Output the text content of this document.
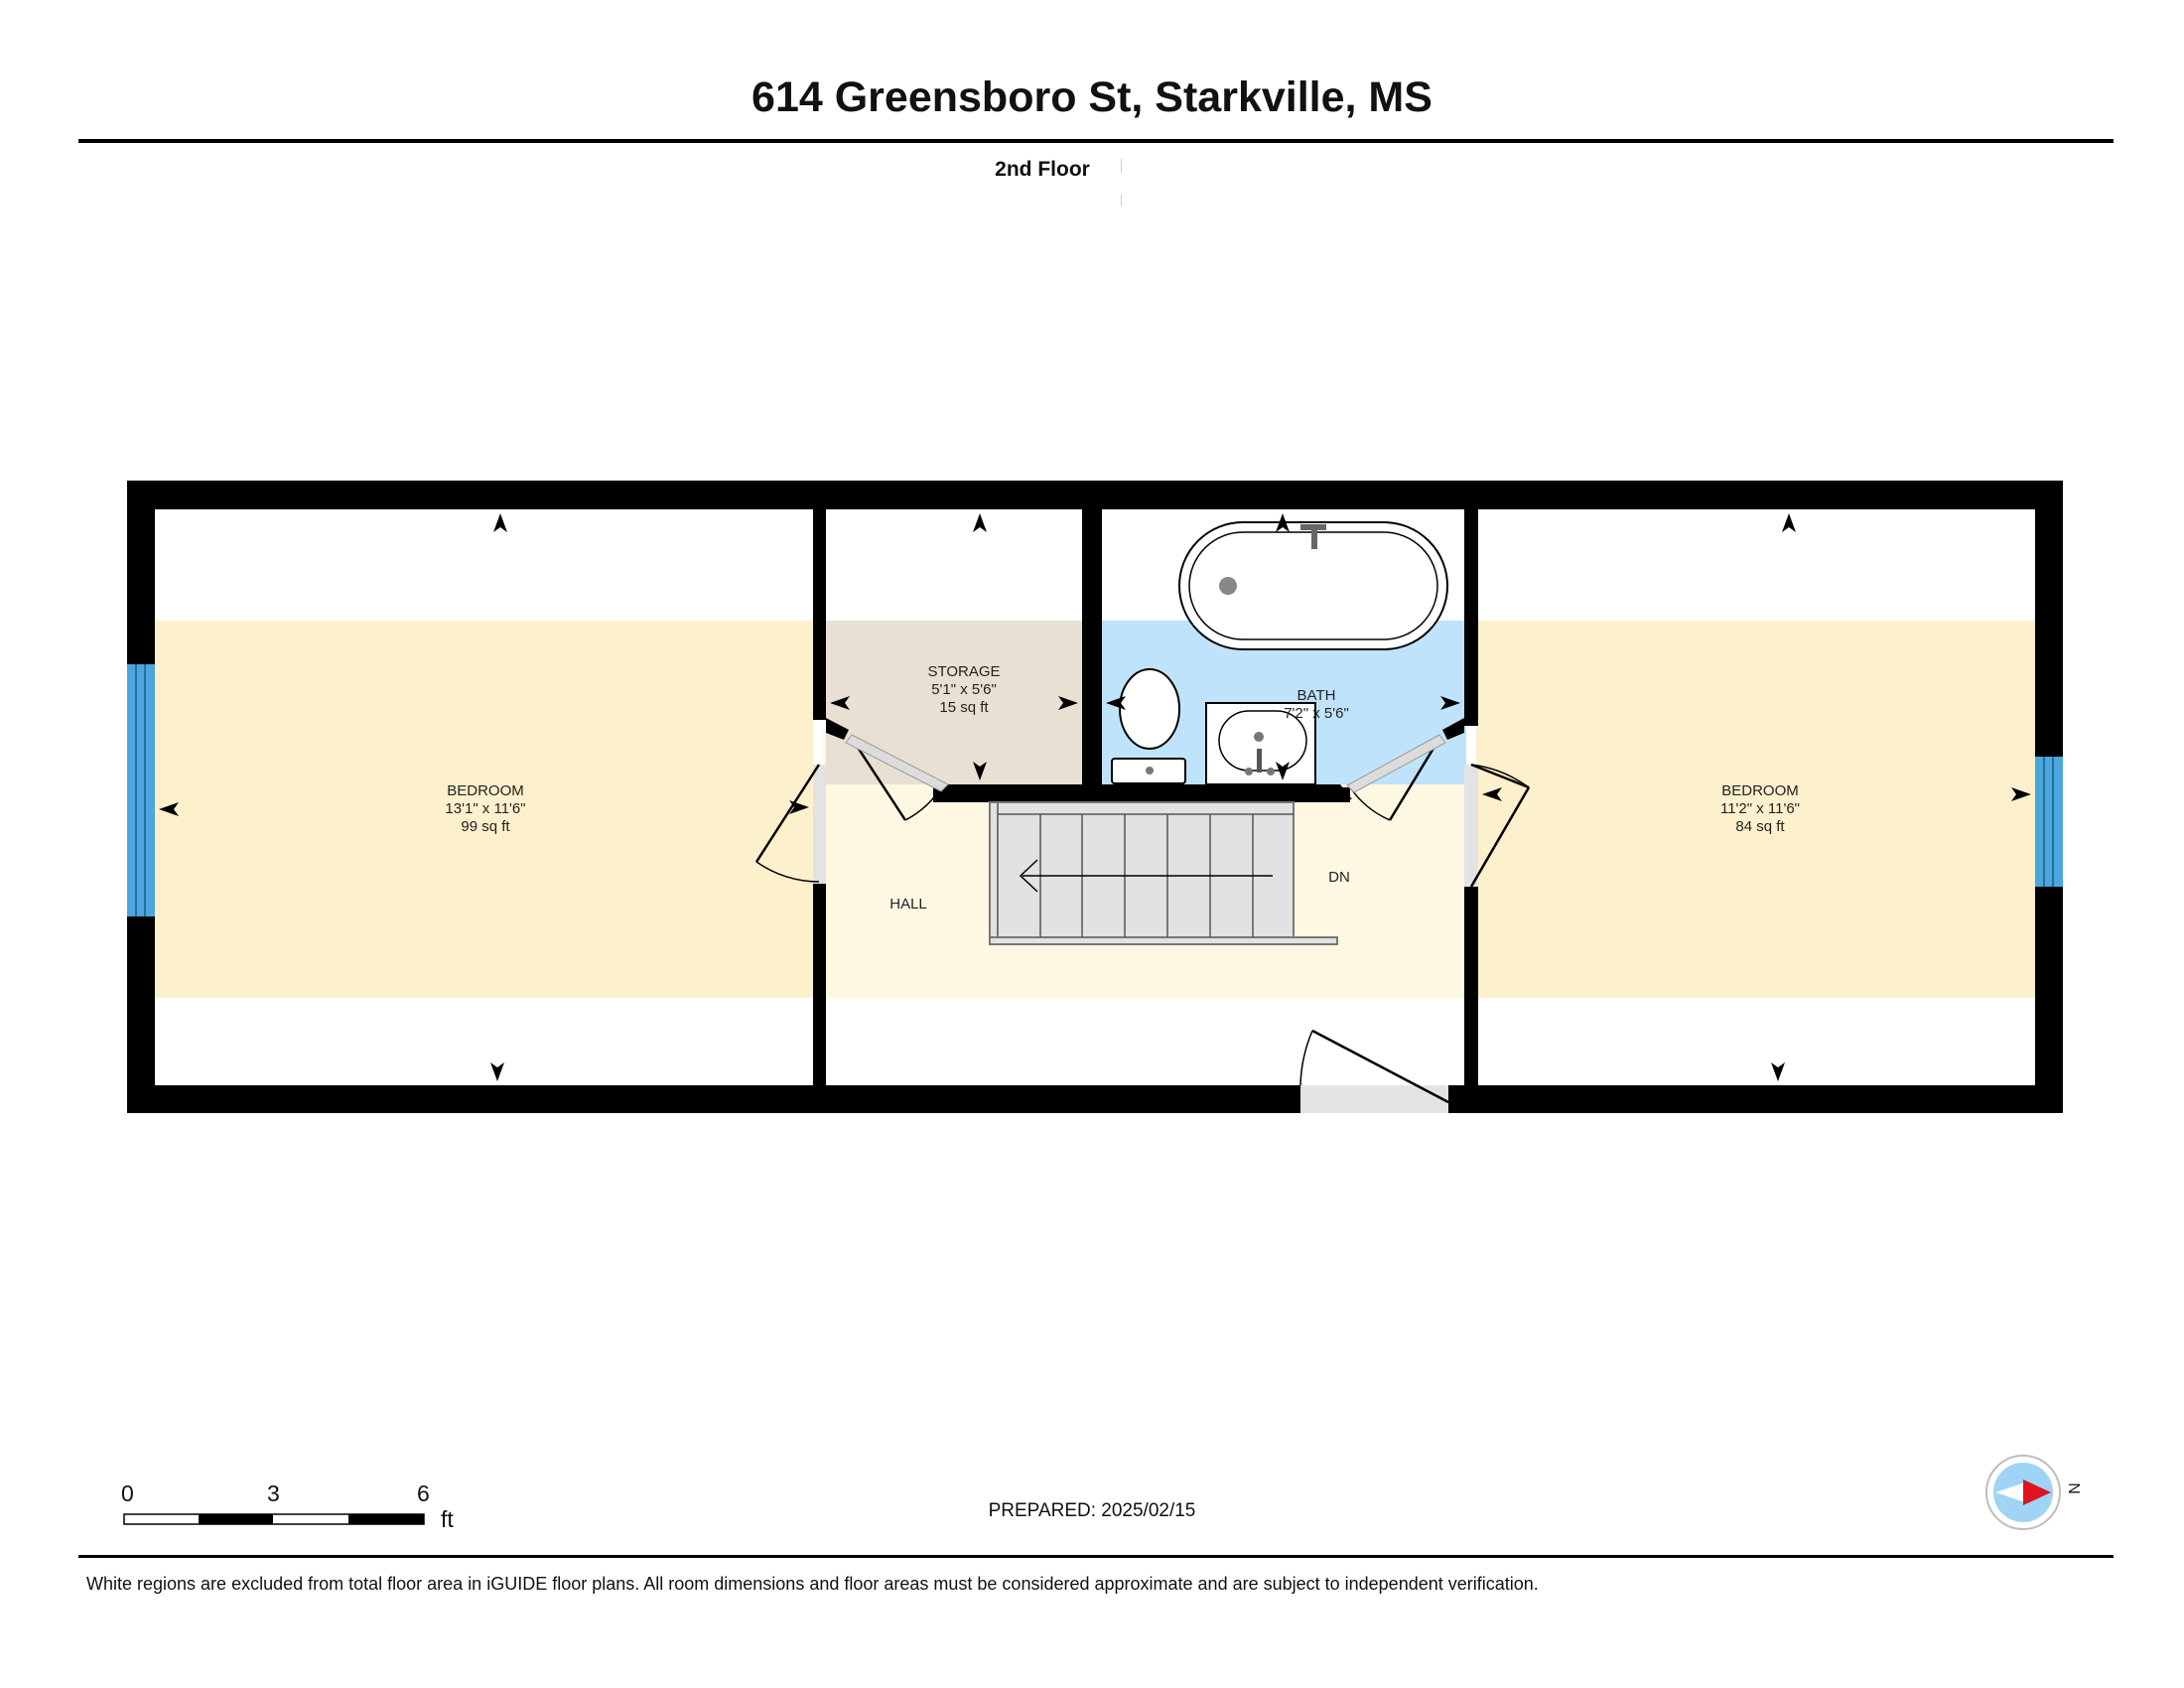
614 Greensboro St, Starkville, MS
2nd Floor
BEDROOM
13'1" x 11'6"
99 sq ft
STORAGE
5'1" x 5'6"
15 sq ft
BATH
7'2" x 5'6"
BEDROOM
11'2" x 11'6"
84 sq ft
HALL
DN
0	3	6
ft	PREPARED: 2025/02/15
N
White regions are excluded from total floor area in iGUIDE floor plans. All room dimensions and floor areas must be considered approximate and are subject to independent verification.
